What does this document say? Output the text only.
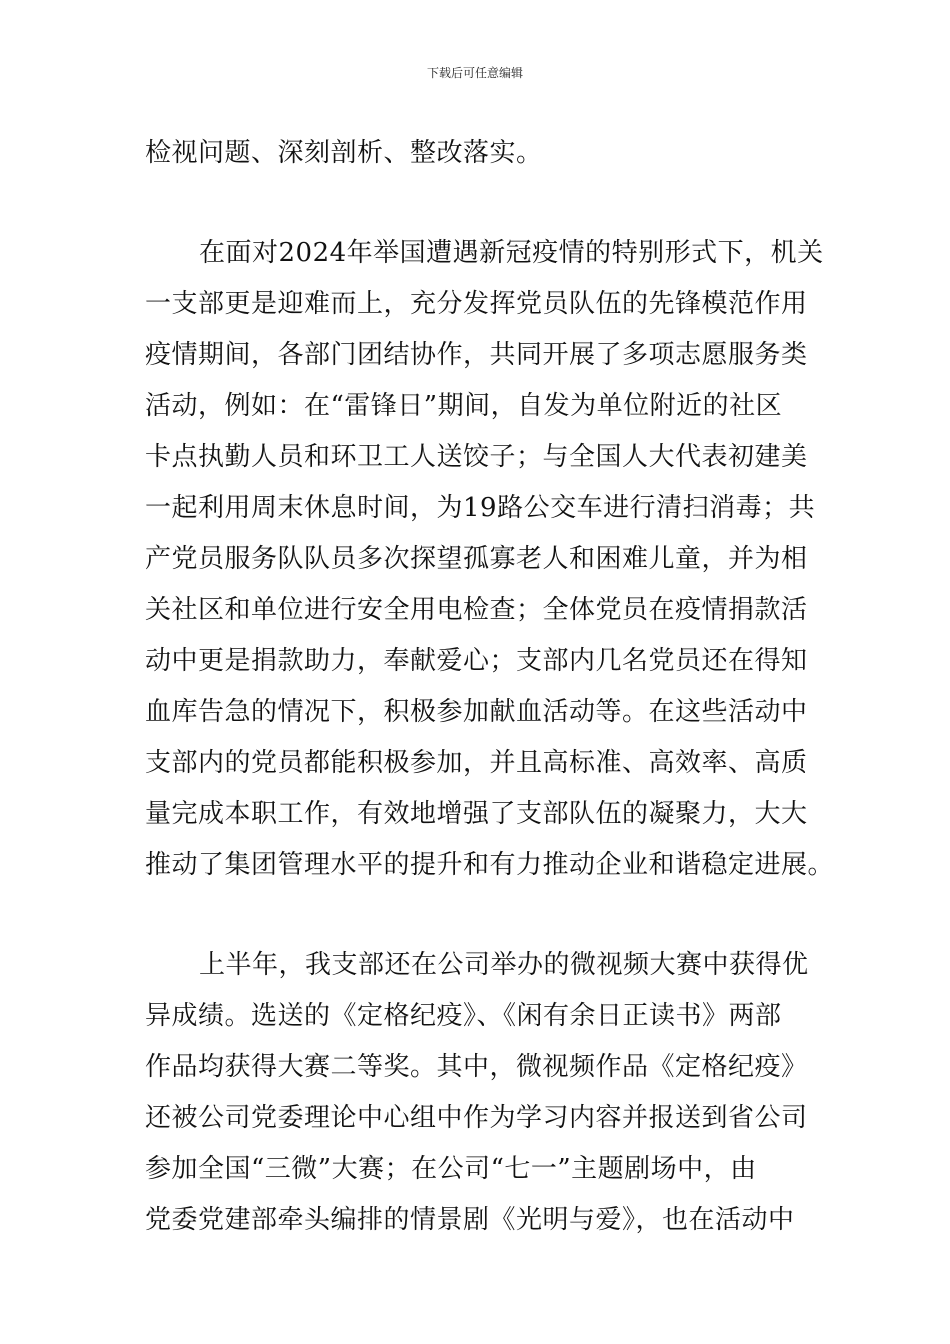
下载后可任意编辑
检视问题、深刻剖析、整改落实。
在面对2024年举国遭遇新冠疫情的特别形式下，机关
一支部更是迎难而上，充分发挥党员队伍的先锋模范作用
疫情期间，各部门团结协作，共同开展了多项志愿服务类
活动，例如：在“雷锋日”期间，自发为单位附近的社区
卡点执勤人员和环卫工人送饺子；与全国人大代表初建美
一起利用周末休息时间，为19路公交车进行清扫消毒；共
产党员服务队队员多次探望孤寡老人和困难儿童，并为相
关社区和单位进行安全用电检查；全体党员在疫情捐款活
动中更是捐款助力，奉献爱心；支部内几名党员还在得知
血库告急的情况下，积极参加献血活动等。在这些活动中
支部内的党员都能积极参加，并且高标准、高效率、高质
量完成本职工作，有效地增强了支部队伍的凝聚力，大大
推动了集团管理水平的提升和有力推动企业和谐稳定进展。
上半年，我支部还在公司举办的微视频大赛中获得优
异成绩。选送的《定格纪疫》、《闲有余日正读书》两部
作品均获得大赛二等奖。其中，微视频作品《定格纪疫》
还被公司党委理论中心组中作为学习内容并报送到省公司
参加全国“三微”大赛；在公司“七一”主题剧场中，由
党委党建部牵头编排的情景剧《光明与爱》，也在活动中
